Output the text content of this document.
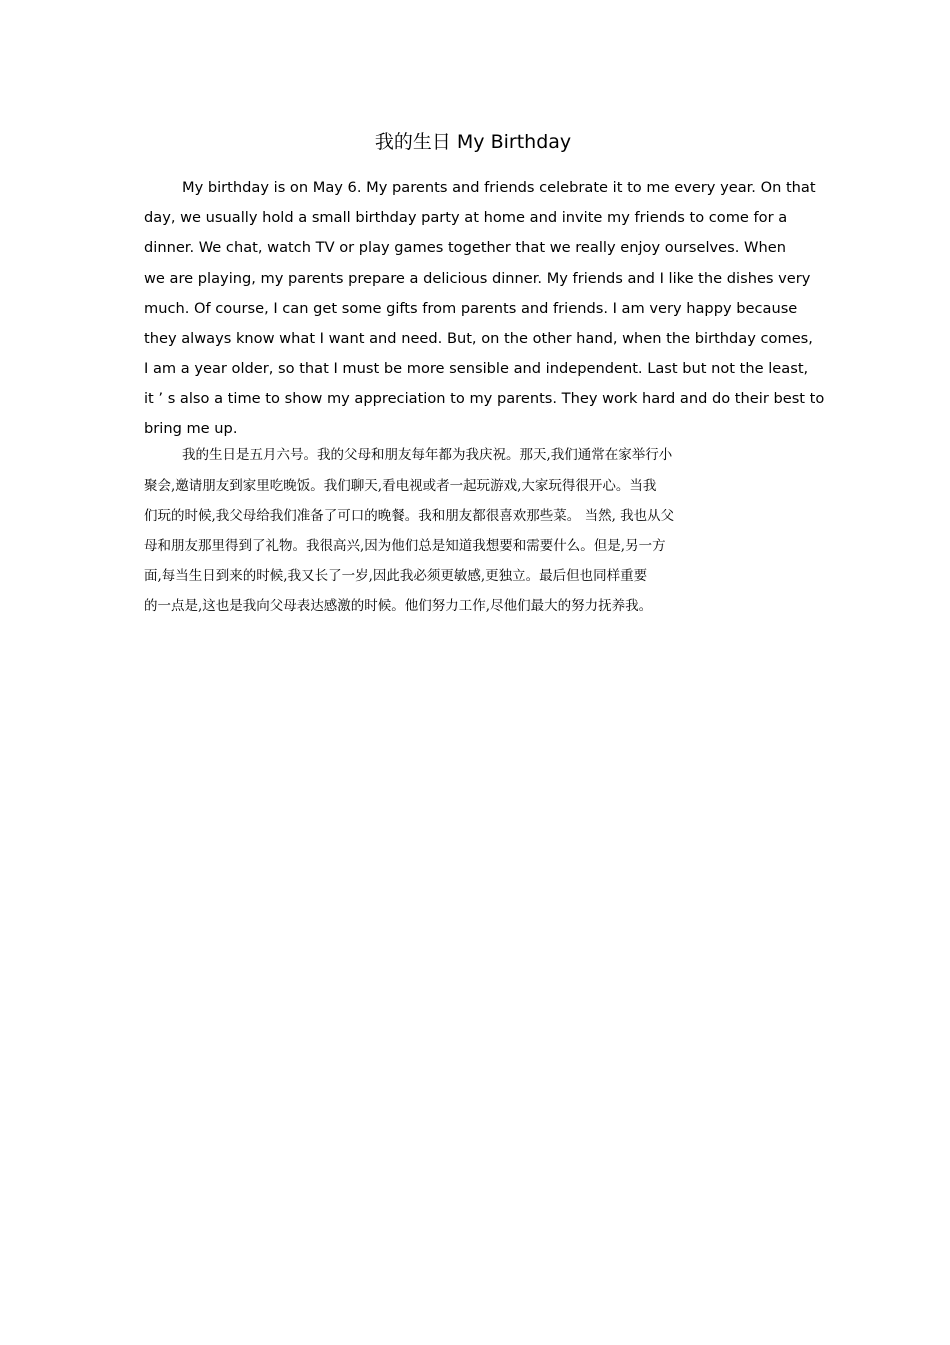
我的生日 My Birthday
My birthday is on May 6. My parents and friends celebrate it to me every year. On that
day, we usually hold a small birthday party at home and invite my friends to come for a
dinner. We chat, watch TV or play games together that we really enjoy ourselves. When
we are playing, my parents prepare a delicious dinner. My friends and I like the dishes very
much. Of course, I can get some gifts from parents and friends. I am very happy because
they always know what I want and need. But, on the other hand, when the birthday comes,
I am a year older, so that I must be more sensible and independent. Last but not the least,
it ’ s also a time to show my appreciation to my parents. They work hard and do their best to
bring me up.
我的生日是五月六号。我的父母和朋友每年都为我庆祝。那天,我们通常在家举行小
聚会,邀请朋友到家里吃晚饭。我们聊天,看电视或者一起玩游戏,大家玩得很开心。当我
们玩的时候,我父母给我们准备了可口的晚餐。我和朋友都很喜欢那些菜。 当然, 我也从父
母和朋友那里得到了礼物。我很高兴,因为他们总是知道我想要和需要什么。但是,另一方
面,每当生日到来的时候,我又长了一岁,因此我必须更敏感,更独立。最后但也同样重要
的一点是,这也是我向父母表达感激的时候。他们努力工作,尽他们最大的努力抚养我。
